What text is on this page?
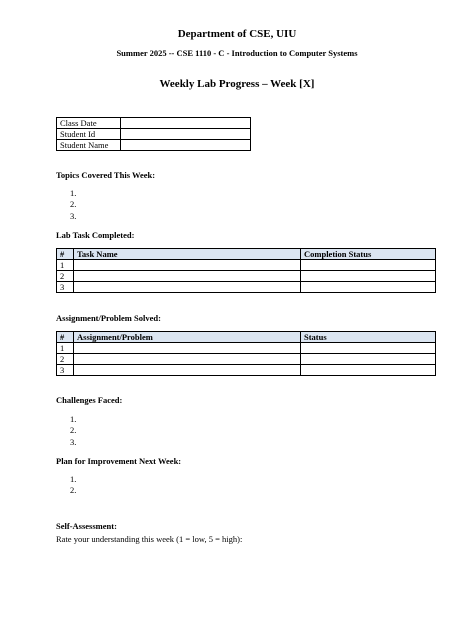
Department of CSE, UIU
Summer 2025 -- CSE 1110 - C - Introduction to Computer Systems
Weekly Lab Progress – Week [X]
Class Date	
Student Id	
Student Name	
Topics Covered This Week:
1.
2.
3.
Lab Task Completed:
#	Task Name	Completion Status
1		
2		
3		
Assignment/Problem Solved:
#	Assignment/Problem	Status
1		
2		
3		
Challenges Faced:
1.
2.
3.
Plan for Improvement Next Week:
1.
2.
Self-Assessment:
Rate your understanding this week (1 = low, 5 = high):
